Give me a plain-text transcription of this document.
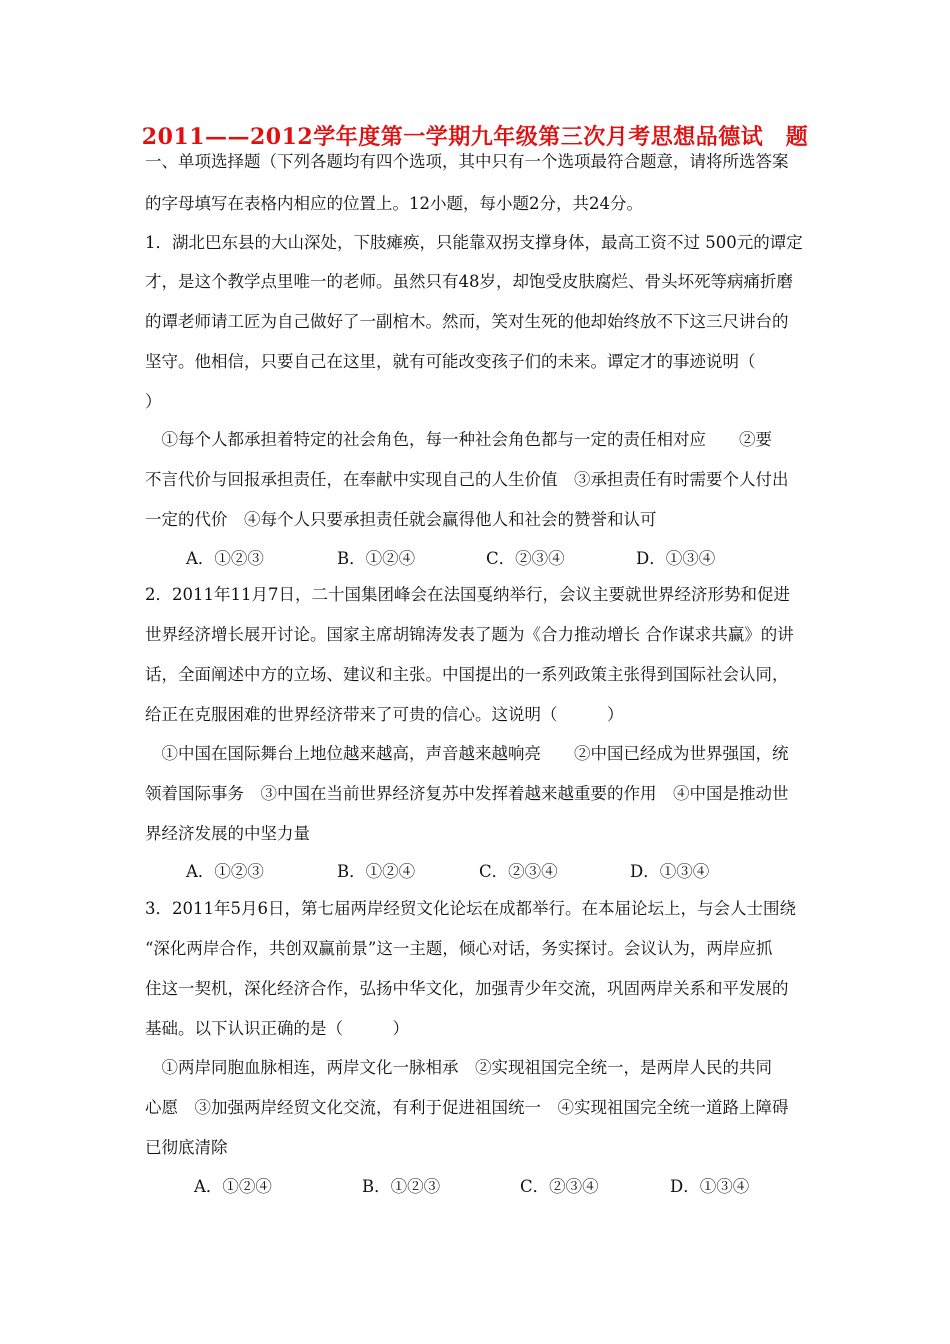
2011——2012学年度第一学期九年级第三次月考思想品德试　题
一、单项选择题（下列各题均有四个选项，其中只有一个选项最符合题意，请将所选答案
的字母填写在表格内相应的位置上。12小题，每小题2分，共24分。
1．湖北巴东县的大山深处，下肢瘫痪，只能靠双拐支撑身体，最高工资不过 500元的谭定
才，是这个教学点里唯一的老师。虽然只有48岁，却饱受皮肤腐烂、骨头坏死等病痛折磨
的谭老师请工匠为自己做好了一副棺木。然而，笑对生死的他却始终放不下这三尺讲台的
坚守。他相信，只要自己在这里，就有可能改变孩子们的未来。谭定才的事迹说明（
）
　①每个人都承担着特定的社会角色，每一种社会角色都与一定的责任相对应　　②要
不言代价与回报承担责任，在奉献中实现自己的人生价值　③承担责任有时需要个人付出
一定的代价　④每个人只要承担责任就会赢得他人和社会的赞誉和认可
A．①②③	B．①②④	C．②③④	D．①③④
2．2011年11月7日，二十国集团峰会在法国戛纳举行，会议主要就世界经济形势和促进
世界经济增长展开讨论。国家主席胡锦涛发表了题为《合力推动增长 合作谋求共赢》的讲
话，全面阐述中方的立场、建议和主张。中国提出的一系列政策主张得到国际社会认同，
给正在克服困难的世界经济带来了可贵的信心。这说明（　　　）
　①中国在国际舞台上地位越来越高，声音越来越响亮　　②中国已经成为世界强国，统
领着国际事务　③中国在当前世界经济复苏中发挥着越来越重要的作用　④中国是推动世
界经济发展的中坚力量
A．①②③	B．①②④	C．②③④	D．①③④
3．2011年5月6日，第七届两岸经贸文化论坛在成都举行。在本届论坛上，与会人士围绕
“深化两岸合作，共创双赢前景”这一主题，倾心对话，务实探讨。会议认为，两岸应抓
住这一契机，深化经济合作，弘扬中华文化，加强青少年交流，巩固两岸关系和平发展的
基础。以下认识正确的是（　　　）
　①两岸同胞血脉相连，两岸文化一脉相承　②实现祖国完全统一，是两岸人民的共同
心愿　③加强两岸经贸文化交流，有利于促进祖国统一　④实现祖国完全统一道路上障碍
已彻底清除
A．①②④	B．①②③	C．②③④	D．①③④
